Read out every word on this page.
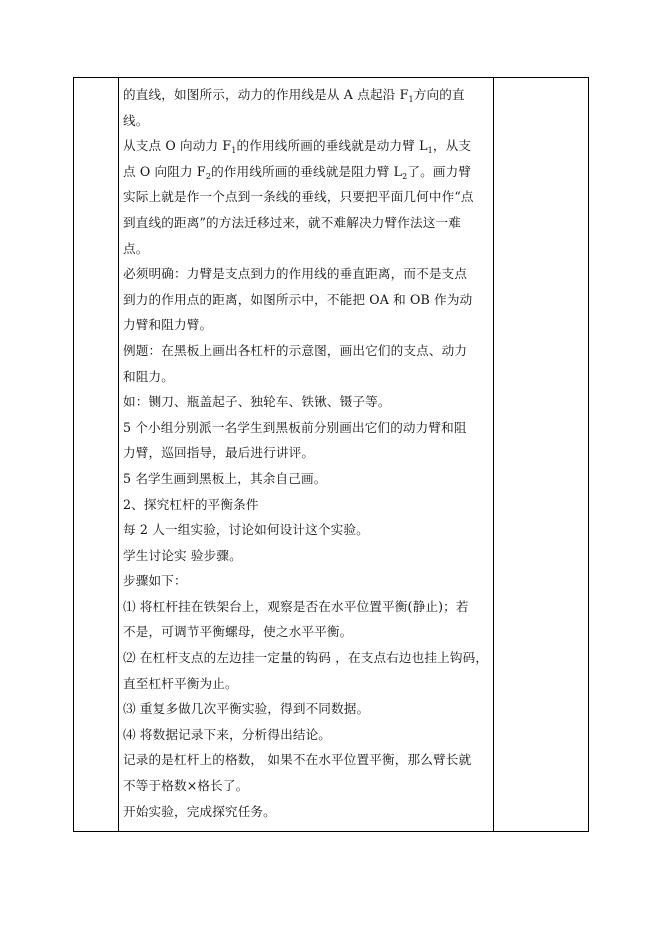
的直线，如图所示，动力的作用线是从 A 点起沿 $F_1$方向的直
线。
从支点 O 向动力 $F_1$的作用线所画的垂线就是动力臂 $L_1$，从支
点 O 向阻力 $F_2$的作用线所画的垂线就是阻力臂 $L_2$了。画力臂
实际上就是作一个点到一条线的垂线，只要把平面几何中作“点
到直线的距离”的方法迁移过来，就不难解决力臂作法这一难
点。
必须明确：力臂是支点到力的作用线的垂直距离，而不是支点
到力的作用点的距离，如图所示中，不能把 OA 和 OB 作为动
力臂和阻力臂。
例题：在黑板上画出各杠杆的示意图，画出它们的支点、动力
和阻力。
如：铡刀、瓶盖起子、独轮车、铁锹、镊子等。
5 个小组分别派一名学生到黑板前分别画出它们的动力臂和阻
力臂，巡回指导，最后进行讲评。
5 名学生画到黑板上，其余自己画。
2、探究杠杆的平衡条件
每 2 人一组实验，讨论如何设计这个实验。
学生讨论实 验步骤。
步骤如下：
⑴ 将杠杆挂在铁架台上，观察是否在水平位置平衡(静止)；若
不是，可调节平衡螺母，使之水平平衡。
⑵ 在杠杆支点的左边挂一定量的钩码 ，在支点右边也挂上钩码，
直至杠杆平衡为止。
⑶ 重复多做几次平衡实验，得到不同数据。
⑷ 将数据记录下来，分析得出结论。
记录的是杠杆上的格数， 如果不在水平位置平衡，那么臂长就
不等于格数×格长了。
开始实验，完成探究任务。
